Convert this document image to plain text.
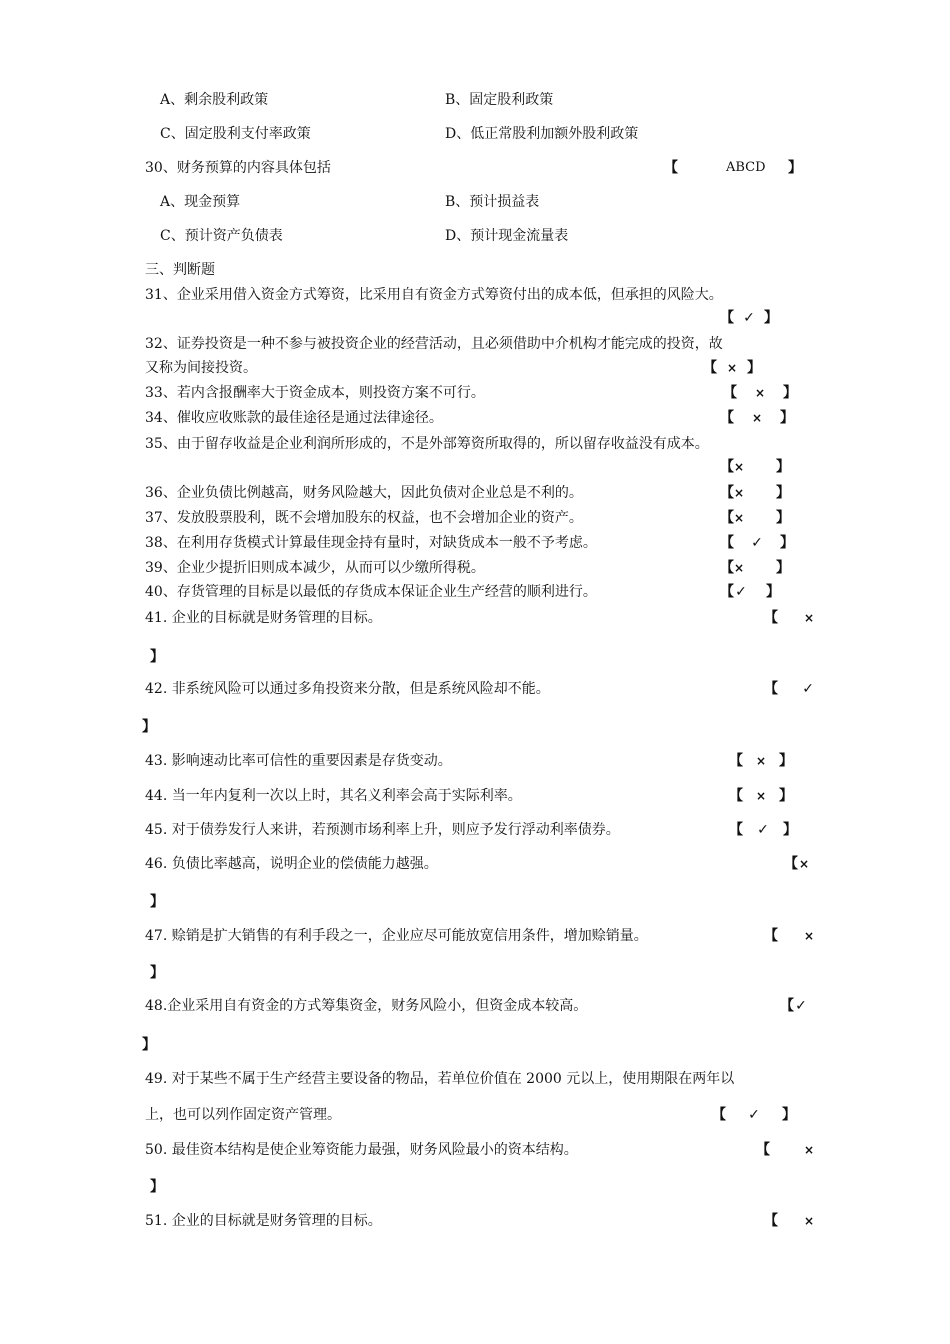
A、剩余股利政策	B、固定股利政策
C、固定股利支付率政策	D、低正常股利加额外股利政策
30、财务预算的内容具体包括	【	ABCD 】
A、现金预算	B、预计损益表
C、预计资产负债表	D、预计现金流量表
三、判断题
31、企业采用借入资金方式筹资，比采用自有资金方式筹资付出的成本低，但承担的风险大。
【 ✓ 】
32、证券投资是一种不参与被投资企业的经营活动，且必须借助中介机构才能完成的投资，故
又称为间接投资。	【 × 】
33、若内含报酬率大于资金成本，则投资方案不可行。	【 × 】
34、催收应收账款的最佳途径是通过法律途径。	【 × 】
35、由于留存收益是企业利润所形成的，不是外部筹资所取得的，所以留存收益没有成本。
【× 】
36、企业负债比例越高，财务风险越大，因此负债对企业总是不利的。	【× 】
37、发放股票股利，既不会增加股东的权益，也不会增加企业的资产。	【× 】
38、在利用存货模式计算最佳现金持有量时，对缺货成本一般不予考虑。	【 ✓ 】
39、企业少提折旧则成本减少，从而可以少缴所得税。	【× 】
40、存货管理的目标是以最低的存货成本保证企业生产经营的顺利进行。	【✓ 】
41. 企业的目标就是财务管理的目标。	【 ×
】
42. 非系统风险可以通过多角投资来分散，但是系统风险却不能。	【 ✓
】
43. 影响速动比率可信性的重要因素是存货变动。	【 × 】
44. 当一年内复利一次以上时，其名义利率会高于实际利率。	【 × 】
45. 对于债券发行人来讲，若预测市场利率上升，则应予发行浮动利率债券。	【 ✓ 】
46. 负债比率越高，说明企业的偿债能力越强。	【×
】
47. 赊销是扩大销售的有利手段之一，企业应尽可能放宽信用条件，增加赊销量。	【 ×
】
48.企业采用自有资金的方式筹集资金，财务风险小，但资金成本较高。	【✓
】
49. 对于某些不属于生产经营主要设备的物品，若单位价值在 2000 元以上，使用期限在两年以
上，也可以列作固定资产管理。	【 ✓ 】
50. 最佳资本结构是使企业筹资能力最强，财务风险最小的资本结构。	【	×
】
51. 企业的目标就是财务管理的目标。	【 ×
